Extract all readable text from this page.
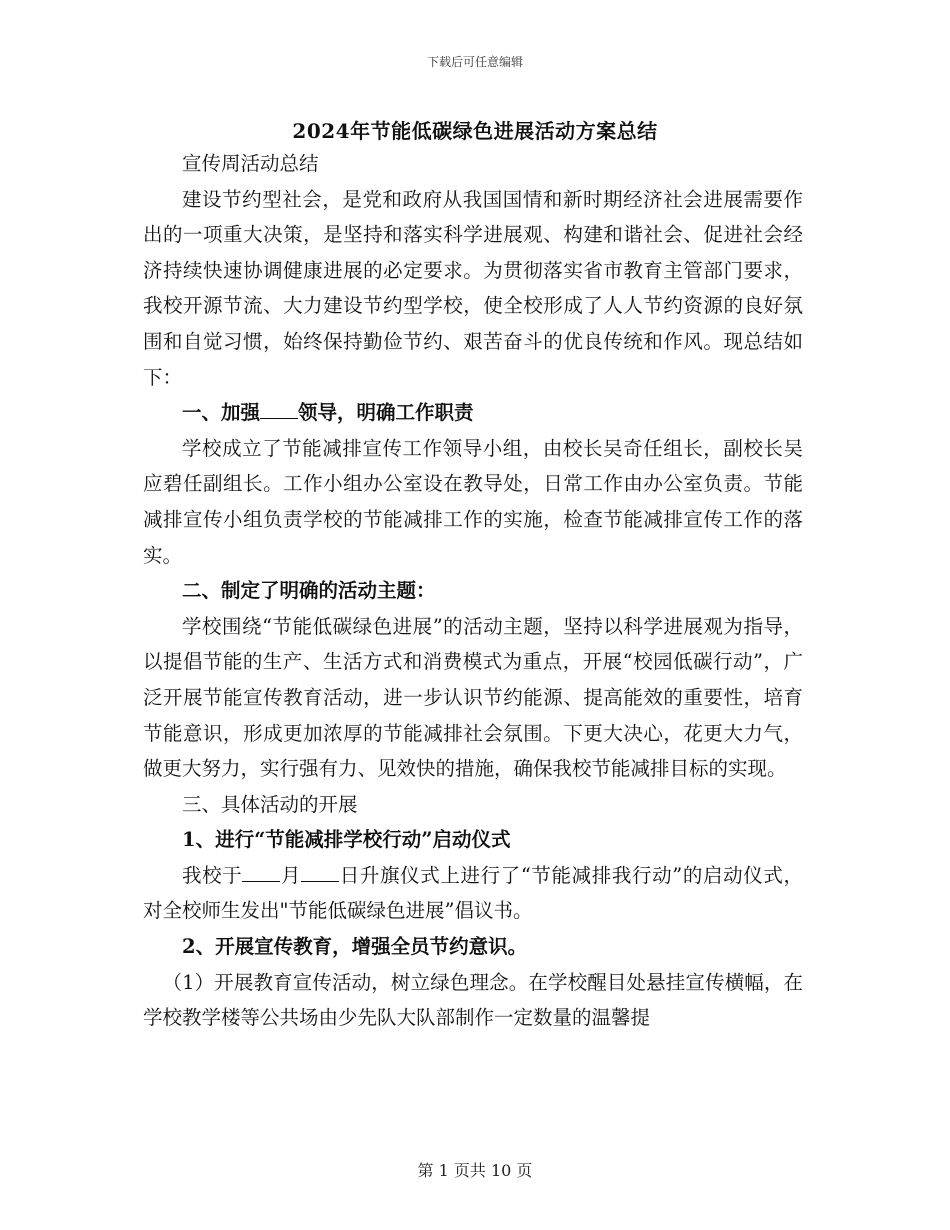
下载后可任意编辑
2024年节能低碳绿色进展活动方案总结

宣传周活动总结

建设节约型社会，是党和政府从我国国情和新时期经济社会进展需要作出的一项重大决策，是坚持和落实科学进展观、构建和谐社会、促进社会经济持续快速协调健康进展的必定要求。为贯彻落实省市教育主管部门要求，我校开源节流、大力建设节约型学校，使全校形成了人人节约资源的良好氛围和自觉习惯，始终保持勤俭节约、艰苦奋斗的优良传统和作风。现总结如下：

一、加强 领导，明确工作职责

学校成立了节能减排宣传工作领导小组，由校长吴奇任组长，副校长吴应碧任副组长。工作小组办公室设在教导处，日常工作由办公室负责。节能减排宣传小组负责学校的节能减排工作的实施，检查节能减排宣传工作的落实。

二、制定了明确的活动主题：

学校围绕“节能低碳绿色进展”的活动主题，坚持以科学进展观为指导，以提倡节能的生产、生活方式和消费模式为重点，开展“校园低碳行动”，广泛开展节能宣传教育活动，进一步认识节约能源、提高能效的重要性，培育节能意识，形成更加浓厚的节能减排社会氛围。下更大决心，花更大力气，做更大努力，实行强有力、见效快的措施，确保我校节能减排目标的实现。

三、具体活动的开展

1、进行“节能减排学校行动”启动仪式

我校于 月 日升旗仪式上进行了“节能减排我行动”的启动仪式，对全校师生发出"节能低碳绿色进展”倡议书。

2、开展宣传教育，增强全员节约意识。

（1）开展教育宣传活动，树立绿色理念。在学校醒目处悬挂宣传横幅，在学校教学楼等公共场由少先队大队部制作一定数量的温馨提

第 1 页共 10 页
